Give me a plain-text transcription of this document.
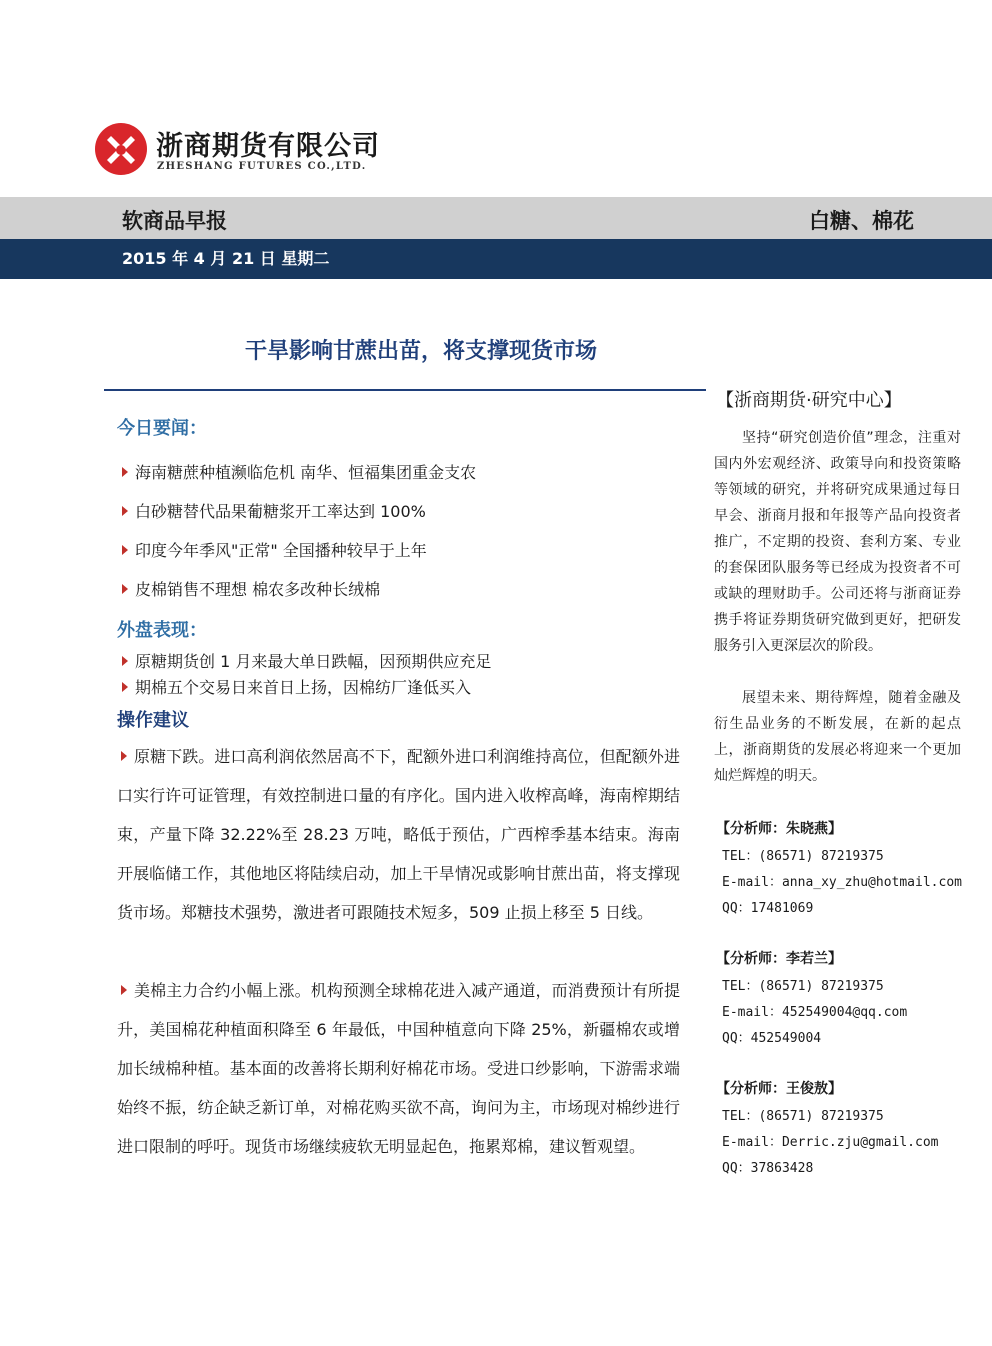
浙商期货有限公司
ZHESHANG FUTURES CO.,LTD.
软商品早报	白糖、棉花
2015 年 4 月 21 日 星期二
干旱影响甘蔗出苗，将支撑现货市场
今日要闻：
海南糖蔗种植濒临危机 南华、恒福集团重金支农
白砂糖替代品果葡糖浆开工率达到 100%
印度今年季风"正常" 全国播种较早于上年
皮棉销售不理想 棉农多改种长绒棉
外盘表现：
原糖期货创 1 月来最大单日跌幅，因预期供应充足
期棉五个交易日来首日上扬，因棉纺厂逢低买入
操作建议
原糖下跌。进口高利润依然居高不下，配额外进口利润维持高位，但配额外进口实行许可证管理，有效控制进口量的有序化。国内进入收榨高峰，海南榨期结束，产量下降 32.22%至 28.23 万吨，略低于预估，广西榨季基本结束。海南开展临储工作，其他地区将陆续启动，加上干旱情况或影响甘蔗出苗，将支撑现货市场。郑糖技术强势，激进者可跟随技术短多，509 止损上移至 5 日线。
美棉主力合约小幅上涨。机构预测全球棉花进入减产通道，而消费预计有所提升，美国棉花种植面积降至 6 年最低，中国种植意向下降 25%，新疆棉农或增加长绒棉种植。基本面的改善将长期利好棉花市场。受进口纱影响，下游需求端始终不振，纺企缺乏新订单，对棉花购买欲不高，询问为主，市场现对棉纱进行进口限制的呼吁。现货市场继续疲软无明显起色，拖累郑棉，建议暂观望。
【浙商期货·研究中心】
坚持“研究创造价值”理念，注重对国内外宏观经济、政策导向和投资策略等领域的研究，并将研究成果通过每日早会、浙商月报和年报等产品向投资者推广，不定期的投资、套利方案、专业的套保团队服务等已经成为投资者不可或缺的理财助手。公司还将与浙商证券携手将证券期货研究做到更好，把研发服务引入更深层次的阶段。
展望未来、期待辉煌，随着金融及衍生品业务的不断发展，在新的起点上，浙商期货的发展必将迎来一个更加灿烂辉煌的明天。
【分析师：朱晓燕】
TEL：(86571) 87219375
E-mail：anna_xy_zhu@hotmail.com
QQ：17481069
【分析师：李若兰】
TEL：(86571) 87219375
E-mail：452549004@qq.com
QQ：452549004
【分析师：王俊敖】
TEL：(86571) 87219375
E-mail：Derric.zju@gmail.com
QQ：37863428
